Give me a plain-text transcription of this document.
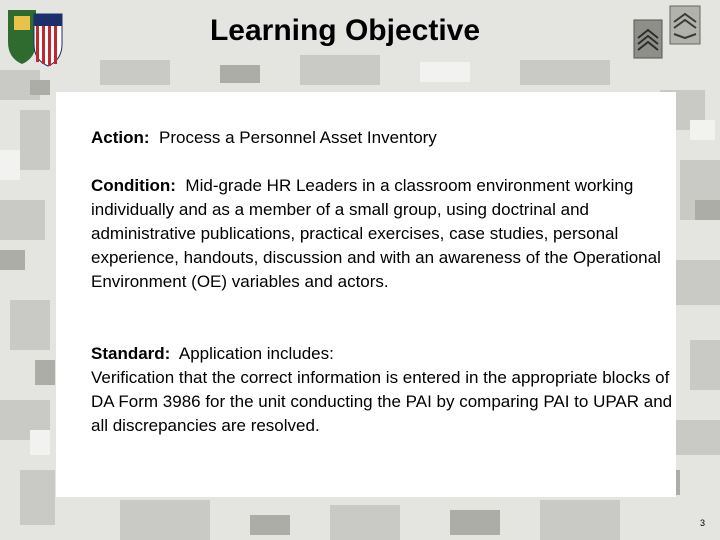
Learning Objective
Action: Process a Personnel Asset Inventory
Condition: Mid-grade HR Leaders in a classroom environment working individually and as a member of a small group, using doctrinal and administrative publications, practical exercises, case studies, personal experience, handouts, discussion and with an awareness of the Operational Environment (OE) variables and actors.
Standard: Application includes:
Verification that the correct information is entered in the appropriate blocks of DA Form 3986 for the unit conducting the PAI by comparing PAI to UPAR and all discrepancies are resolved.
3
